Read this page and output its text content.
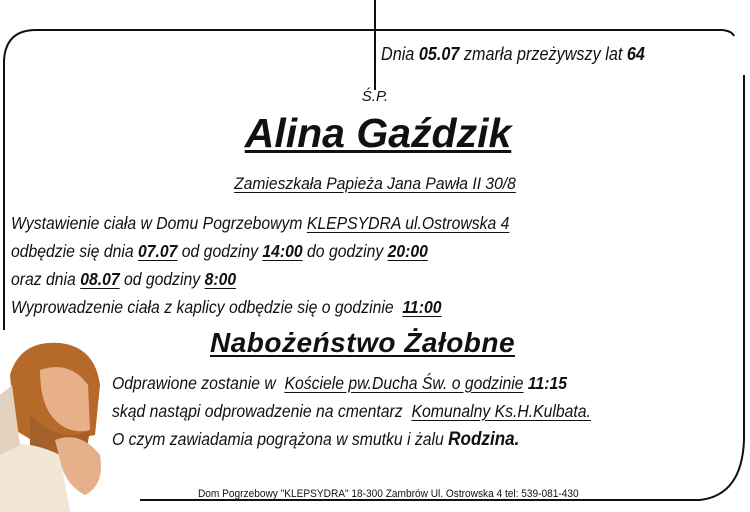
Dnia 05.07 zmarła przeżywszy lat 64
Ś.P.
Alina Gaździk
Zamieszkała Papieża Jana Pawła II 30/8
Wystawienie ciała w Domu Pogrzebowym KLEPSYDRA ul.Ostrowska 4
odbędzie się dnia 07.07 od godziny 14:00 do godziny 20:00
oraz dnia 08.07 od godziny 8:00
Wyprowadzenie ciała z kaplicy odbędzie się o godzinie 11:00
Nabożeństwo Żałobne
Odprawione zostanie w Kościele pw.Ducha Św. o godzinie 11:15
skąd nastąpi odprowadzenie na cmentarz Komunalny Ks.H.Kulbata.
O czym zawiadamia pogrążona w smutku i żalu Rodzina.
Dom Pogrzebowy "KLEPSYDRA" 18-300 Zambrów Ul. Ostrowska 4 tel: 539-081-430
